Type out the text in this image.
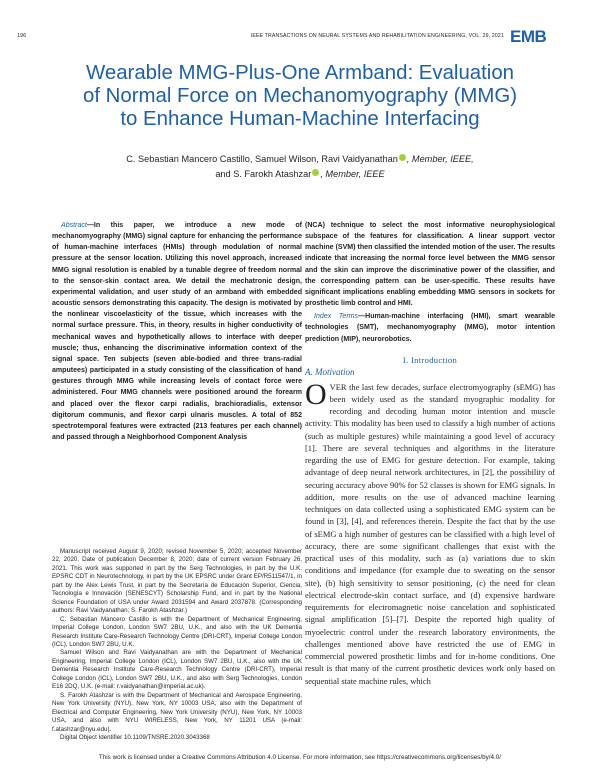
196	IEEE TRANSACTIONS ON NEURAL SYSTEMS AND REHABILITATION ENGINEERING, VOL. 29, 2021 EMB
Wearable MMG-Plus-One Armband: Evaluation
of Normal Force on Mechanomyography (MMG)
to Enhance Human-Machine Interfacing
C. Sebastian Mancero Castillo, Samuel Wilson, Ravi Vaidyanathan , Member, IEEE,
and S. Farokh Atashzar , Member, IEEE

Abstract—In this paper, we introduce a new mode of mechanomyography (MMG) signal capture for enhancing the performance of human-machine interfaces (HMIs) through modulation of normal pressure at the sensor location. Utilizing this novel approach, increased MMG signal resolution is enabled by a tunable degree of freedom normal to the sensor-skin contact area. We detail the mechatronic design, experimental validation, and user study of an armband with embedded acoustic sensors demonstrating this capacity. The design is motivated by the nonlinear viscoelasticity of the tissue, which increases with the normal surface pressure. This, in theory, results in higher conductivity of mechanical waves and hypothetically allows to interface with deeper muscle; thus, enhancing the discriminative information context of the signal space. Ten subjects (seven able-bodied and three trans-radial amputees) participated in a study consisting of the classification of hand gestures through MMG while increasing levels of contact force were administered. Four MMG channels were positioned around the forearm and placed over the flexor carpi radialis, brachioradialis, extensor digitorum communis, and flexor carpi ulnaris muscles. A total of 852 spectrotemporal features were extracted (213 features per each channel) and passed through a Neighborhood Component Analysis

Manuscript received August 9, 2020; revised November 5, 2020; accepted November 22, 2020. Date of publication December 8, 2020; date of current version February 26, 2021. This work was supported in part by the Serg Technologies, in part by the U.K. EPSRC CDT in Neurotechnology, in part by the UK EPSRC under Grant EP/R511547/1, in part by the Alex Lewis Trust, in part by the Secretaría de Educación Superior, Ciencia, Tecnología e Innovación (SENESCYT) Scholarship Fund, and in part by the National Science Foundation of USA under Award 2031594 and Award 2037878. (Corresponding authors: Ravi Vaidyanathan; S. Farokh Atashzar.)

C. Sebastian Mancero Castillo is with the Department of Mechanical Engineering, Imperial College London, London SW7 2BU, U.K., and also with the UK Dementia Research Institute Care-Research Technology Centre (DRI-CRT), Imperial College London (ICL), London SW7 2BU, U.K.

Samuel Wilson and Ravi Vaidyanathan are with the Department of Mechanical Engineering, Imperial College London (ICL), London SW7 2BU, U.K., also with the UK Dementia Research Institute Care-Research Technology Centre (DRI-CRT), Imperial College London (ICL), London SW7 2BU, U.K., and also with Serg Technologies, London E16 2DQ, U.K. (e-mail: r.vaidyanathan@imperial.ac.uk).

S. Farokh Atashzar is with the Department of Mechanical and Aerospace Engineering, New York University (NYU), New York, NY 10003 USA, also with the Department of Electrical and Computer Engineering, New York University (NYU), New York, NY 10003 USA, and also with NYU WIRELESS, New York, NY 11201 USA (e-mail: f.atashzar@nyu.edu).

Digital Object Identifier 10.1109/TNSRE.2020.3043368

(NCA) technique to select the most informative neurophysiological subspace of the features for classification. A linear support vector machine (SVM) then classified the intended motion of the user. The results indicate that increasing the normal force level between the MMG sensor and the skin can improve the discriminative power of the classifier, and the corresponding pattern can be user-specific. These results have significant implications enabling embedding MMG sensors in sockets for prosthetic limb control and HMI.

Index Terms—Human-machine interfacing (HMI), smart wearable technologies (SMT), mechanomyography (MMG), motor intention prediction (MIP), neurorobotics.

I. Introduction
A. Motivation

OVER the last few decades, surface electromyography (sEMG) has been widely used as the standard myographic modality for recording and decoding human motor intention and muscle activity. This modality has been used to classify a high number of actions (such as multiple gestures) while maintaining a good level of accuracy [1]. There are several techniques and algorithms in the literature regarding the use of EMG for gesture detection. For example, taking advantage of deep neural network architectures, in [2], the possibility of securing accuracy above 90% for 52 classes is shown for EMG signals. In addition, more results on the use of advanced machine learning techniques on data collected using a sophisticated EMG system can be found in [3], [4], and references therein. Despite the fact that by the use of sEMG a high number of gestures can be classified with a high level of accuracy, there are some significant challenges that exist with the practical uses of this modality, such as (a) variations due to skin conditions and impedance (for example due to sweating on the sensor site), (b) high sensitivity to sensor positioning, (c) the need for clean electrical electrode-skin contact surface, and (d) expensive hardware requirements for electromagnetic noise cancelation and sophisticated signal amplification [5]–[7]. Despite the reported high quality of myoelectric control under the research laboratory environments, the challenges mentioned above have restricted the use of EMG in commercial powered prosthetic limbs and for in-home conditions. One result is that many of the current prosthetic devices work only based on sequential state machine rules, which

This work is licensed under a Creative Commons Attribution 4.0 License. For more information, see https://creativecommons.org/licenses/by/4.0/
